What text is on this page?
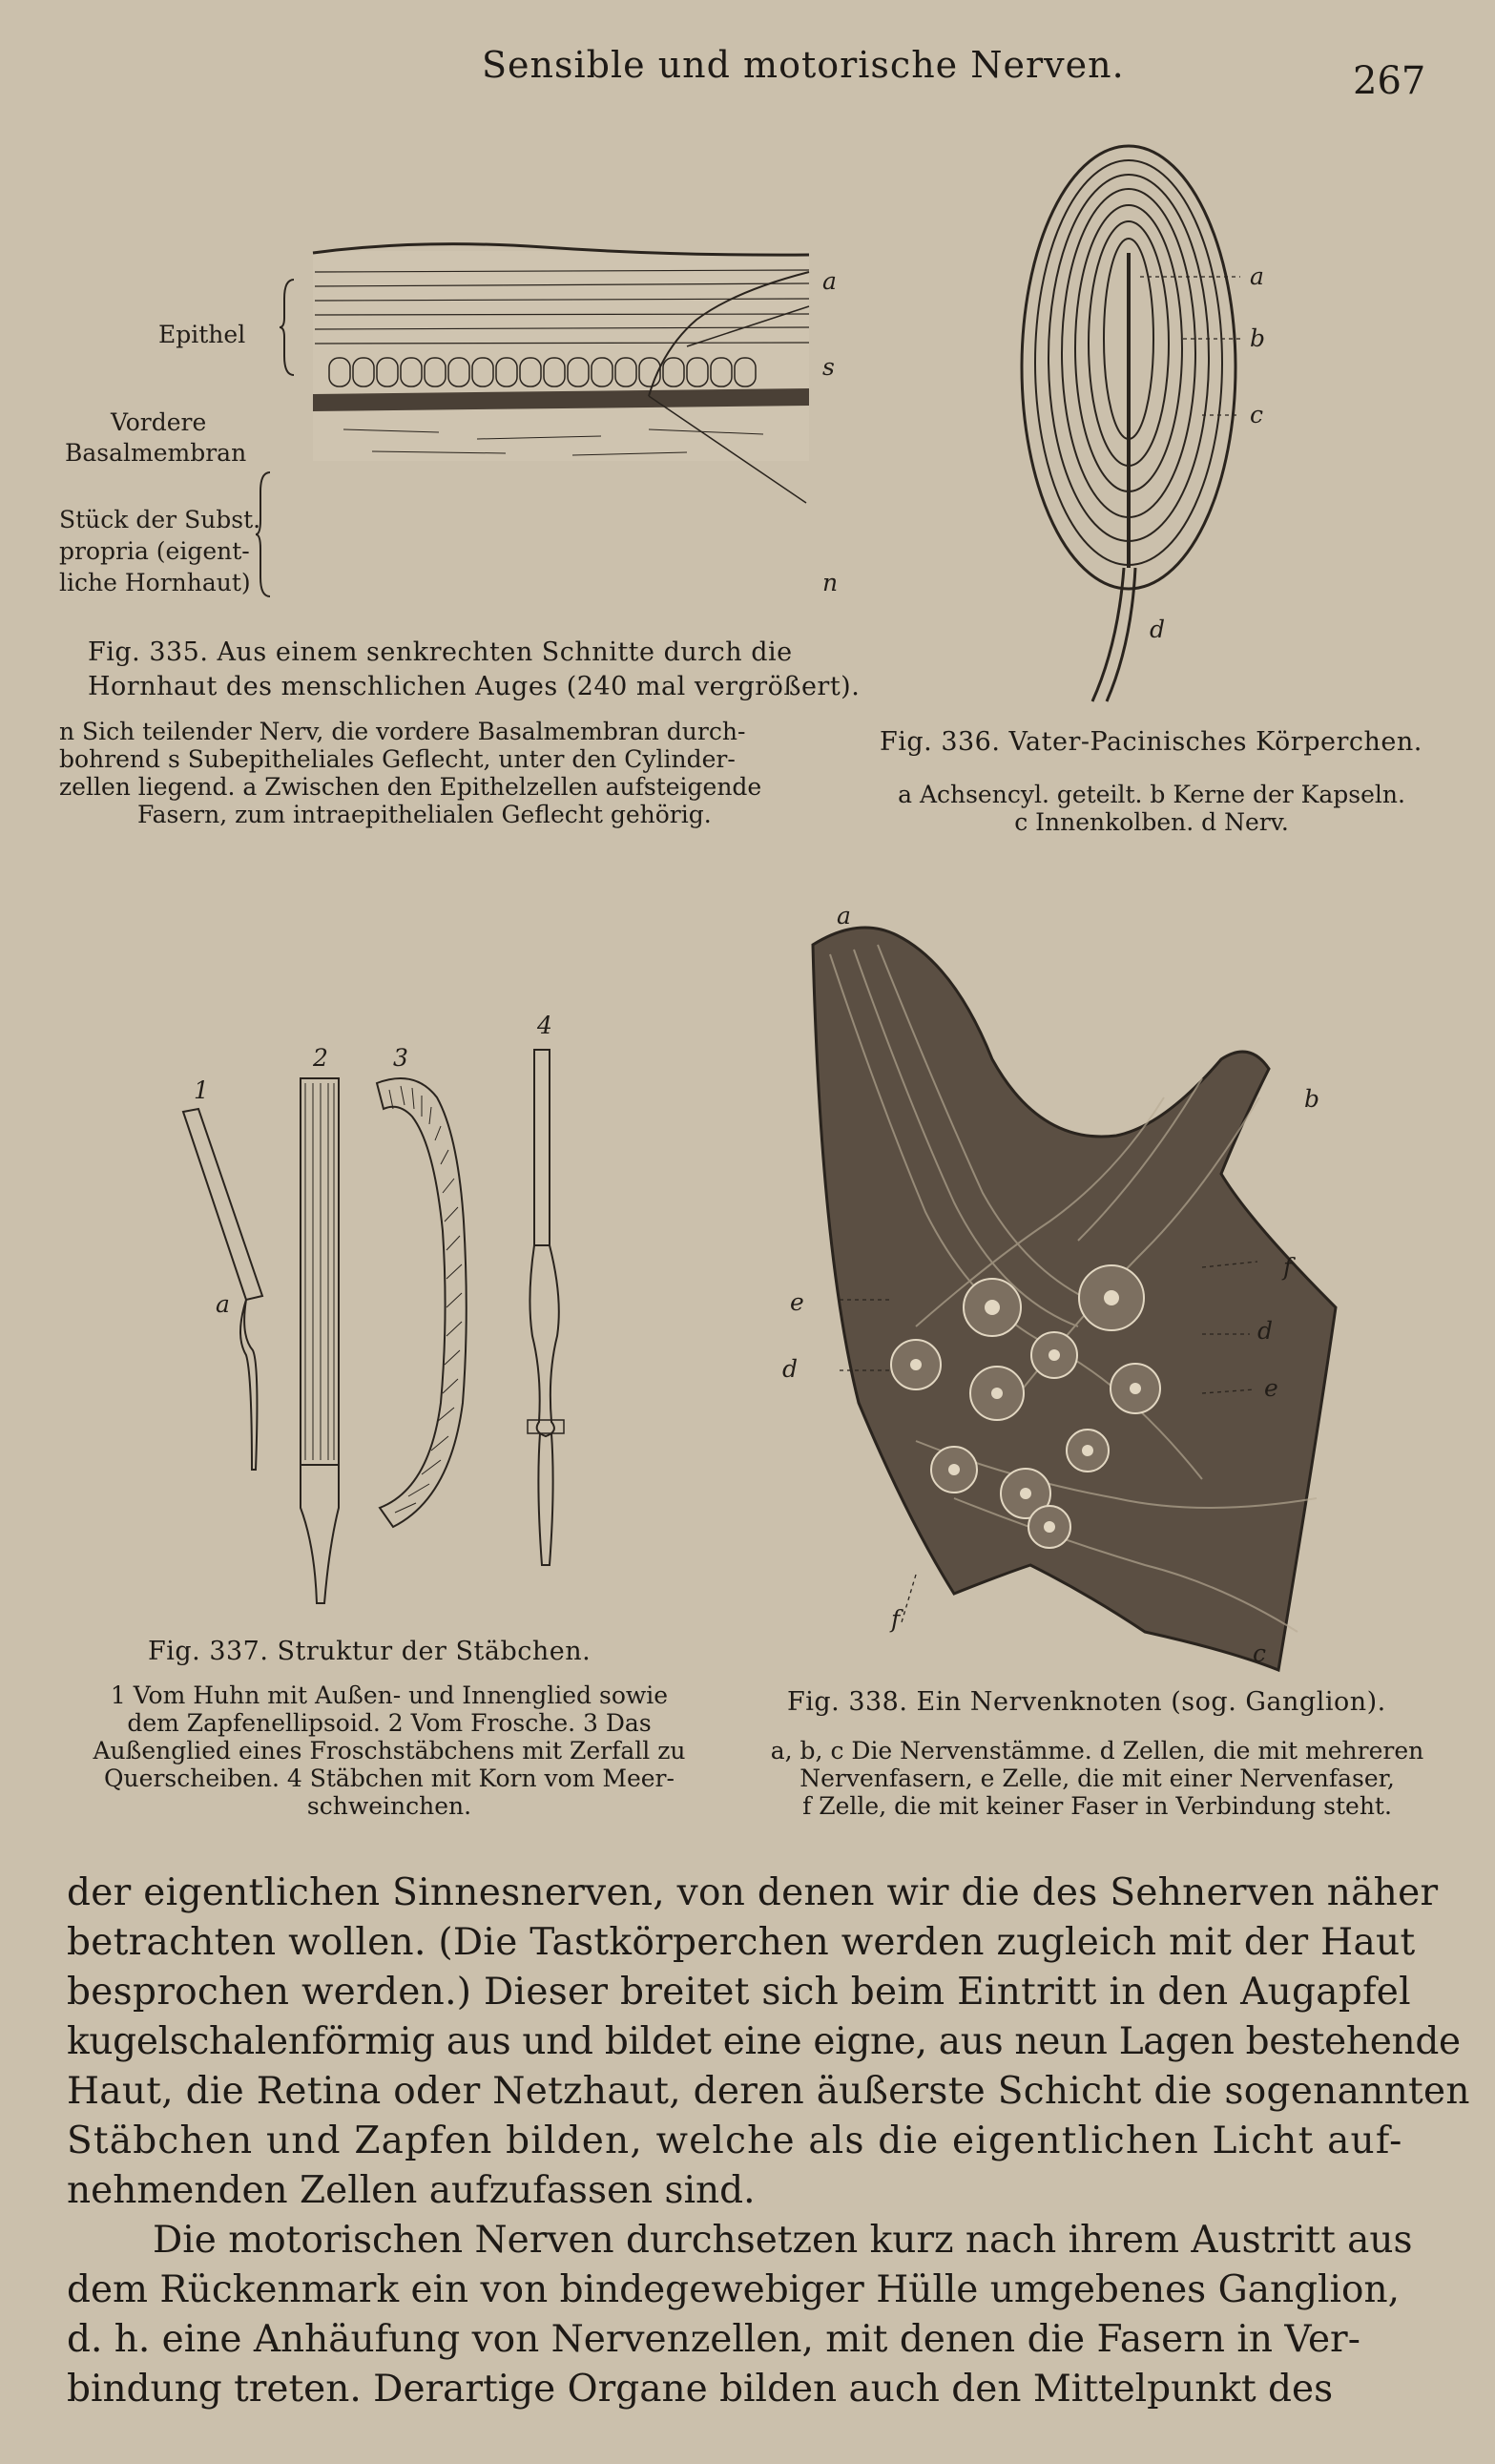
Sensible und motorische Nerven.	267
Epithel
Vordere
Basalmembran
Stück der Subst.
propria (eigent-
liche Hornhaut)
a
s
n
Fig. 335. Aus einem senkrechten Schnitte durch die
Hornhaut des menschlichen Auges (240 mal vergrößert).
n Sich teilender Nerv, die vordere Basalmembran durch-
bohrend s Subepitheliales Geflecht, unter den Cylinder-
zellen liegend. a Zwischen den Epithelzellen aufsteigende
Fasern, zum intraepithelialen Geflecht gehörig.
a
b
c
d
Fig. 336. Vater-Pacinisches Körperchen.
a Achsencyl. geteilt. b Kerne der Kapseln.
c Innenkolben. d Nerv.
1
2	3
4
a
Fig. 337. Struktur der Stäbchen.
1 Vom Huhn mit Außen- und Innenglied sowie
dem Zapfenellipsoid. 2 Vom Frosche. 3 Das
Außenglied eines Froschstäbchens mit Zerfall zu
Querscheiben. 4 Stäbchen mit Korn vom Meer-
schweinchen.
a
b
c
d
d
e
e
f
f
Fig. 338. Ein Nervenknoten (sog. Ganglion).
a, b, c Die Nervenstämme. d Zellen, die mit mehreren
Nervenfasern, e Zelle, die mit einer Nervenfaser,
f Zelle, die mit keiner Faser in Verbindung steht.
der eigentlichen Sinnesnerven, von denen wir die des Sehnerven näher
betrachten wollen. (Die Tastkörperchen werden zugleich mit der Haut
besprochen werden.) Dieser breitet sich beim Eintritt in den Augapfel
kugelschalenförmig aus und bildet eine eigne, aus neun Lagen bestehende
Haut, die Retina oder Netzhaut, deren äußerste Schicht die sogenannten
Stäbchen und Zapfen bilden, welche als die eigentlichen Licht auf-
nehmenden Zellen aufzufassen sind.
Die motorischen Nerven durchsetzen kurz nach ihrem Austritt aus
dem Rückenmark ein von bindegewebiger Hülle umgebenes Ganglion,
d. h. eine Anhäufung von Nervenzellen, mit denen die Fasern in Ver-
bindung treten. Derartige Organe bilden auch den Mittelpunkt des
